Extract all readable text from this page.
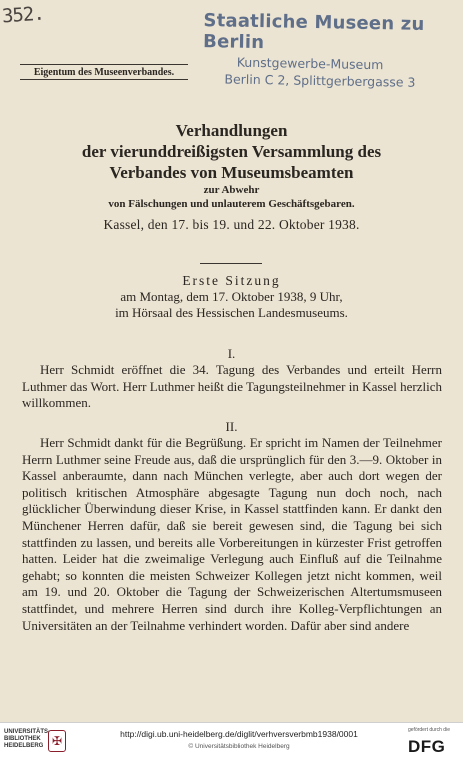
352.	Staatliche Museen zu Berlin
Kunstgewerbe-Museum
Berlin C 2, Splittgerbergasse 3
Eigentum des Museenverbandes.
Verhandlungen
der vierunddreißigsten Versammlung des
Verbandes von Museumsbeamten
zur Abwehr
von Fälschungen und unlauterem Geschäftsgebaren.
Kassel, den 17. bis 19. und 22. Oktober 1938.
Erste Sitzung
am Montag, dem 17. Oktober 1938, 9 Uhr,
im Hörsaal des Hessischen Landesmuseums.
I.

Herr Schmidt eröffnet die 34. Tagung des Verbandes und erteilt Herrn Luthmer das Wort. Herr Luthmer heißt die Tagungsteilnehmer in Kassel herzlich willkommen.

II.

Herr Schmidt dankt für die Begrüßung. Er spricht im Namen der Teilnehmer Herrn Luthmer seine Freude aus, daß die ursprünglich für den 3.—9. Oktober in Kassel anberaumte, dann nach München verlegte, aber auch dort wegen der politisch kritischen Atmosphäre abgesagte Tagung nun doch noch, nach glücklicher Überwindung dieser Krise, in Kassel stattfinden kann. Er dankt den Münchener Herren dafür, daß sie bereit gewesen sind, die Tagung bei sich stattfinden zu lassen, und bereits alle Vorbereitungen in kürzester Frist getroffen hatten. Leider hat die zweimalige Verlegung auch Einfluß auf die Teilnahme gehabt; so konnten die meisten Schweizer Kollegen jetzt nicht kommen, weil am 19. und 20. Oktober die Tagung der Schweizerischen Altertumsmuseen stattfindet, und mehrere Herren sind durch ihre Kolleg-Verpflichtungen an Universitäten an der Teilnahme verhindert worden. Dafür aber sind andere

UNIVERSITÄTS-BIBLIOTHEK HEIDELBERG ✠	http://digi.ub.uni-heidelberg.de/diglit/verhversverbmb1938/0001
© Universitätsbibliothek Heidelberg
gefördert durch die
DFG
